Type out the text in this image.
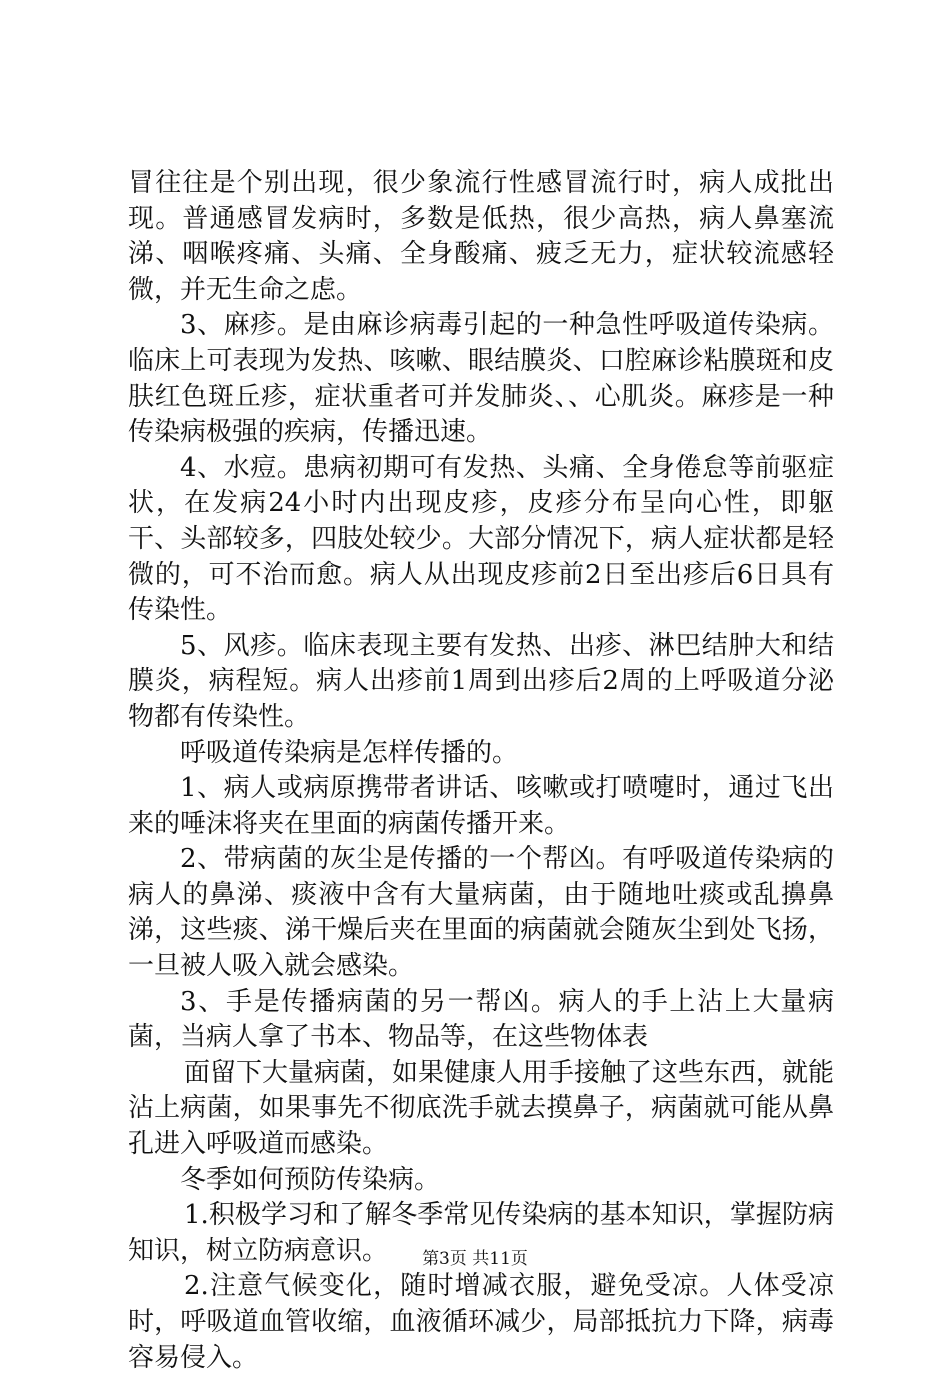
冒往往是个别出现，很少象流行性感冒流行时，病人成批出现。普通感冒发病时，多数是低热，很少高热，病人鼻塞流涕、咽喉疼痛、头痛、全身酸痛、疲乏无力，症状较流感轻微，并无生命之虑。

3、麻疹。是由麻诊病毒引起的一种急性呼吸道传染病。临床上可表现为发热、咳嗽、眼结膜炎、口腔麻诊粘膜斑和皮肤红色斑丘疹，症状重者可并发肺炎、、心肌炎。麻疹是一种传染病极强的疾病，传播迅速。

4、水痘。患病初期可有发热、头痛、全身倦怠等前驱症状，在发病24小时内出现皮疹，皮疹分布呈向心性，即躯干、头部较多，四肢处较少。大部分情况下，病人症状都是轻微的，可不治而愈。病人从出现皮疹前2日至出疹后6日具有传染性。

5、风疹。临床表现主要有发热、出疹、淋巴结肿大和结膜炎，病程短。病人出疹前1周到出疹后2周的上呼吸道分泌物都有传染性。

呼吸道传染病是怎样传播的。

1、病人或病原携带者讲话、咳嗽或打喷嚏时，通过飞出来的唾沫将夹在里面的病菌传播开来。

2、带病菌的灰尘是传播的一个帮凶。有呼吸道传染病的病人的鼻涕、痰液中含有大量病菌，由于随地吐痰或乱擤鼻涕，这些痰、涕干燥后夹在里面的病菌就会随灰尘到处飞扬，一旦被人吸入就会感染。

3、手是传播病菌的另一帮凶。病人的手上沾上大量病菌，当病人拿了书本、物品等，在这些物体表

面留下大量病菌，如果健康人用手接触了这些东西，就能沾上病菌，如果事先不彻底洗手就去摸鼻子，病菌就可能从鼻孔进入呼吸道而感染。

冬季如何预防传染病。

1.积极学习和了解冬季常见传染病的基本知识，掌握防病知识，树立防病意识。

2.注意气候变化，随时增减衣服，避免受凉。人体受凉时，呼吸道血管收缩，血液循环减少，局部抵抗力下降，病毒容易侵入。

第3页 共11页
